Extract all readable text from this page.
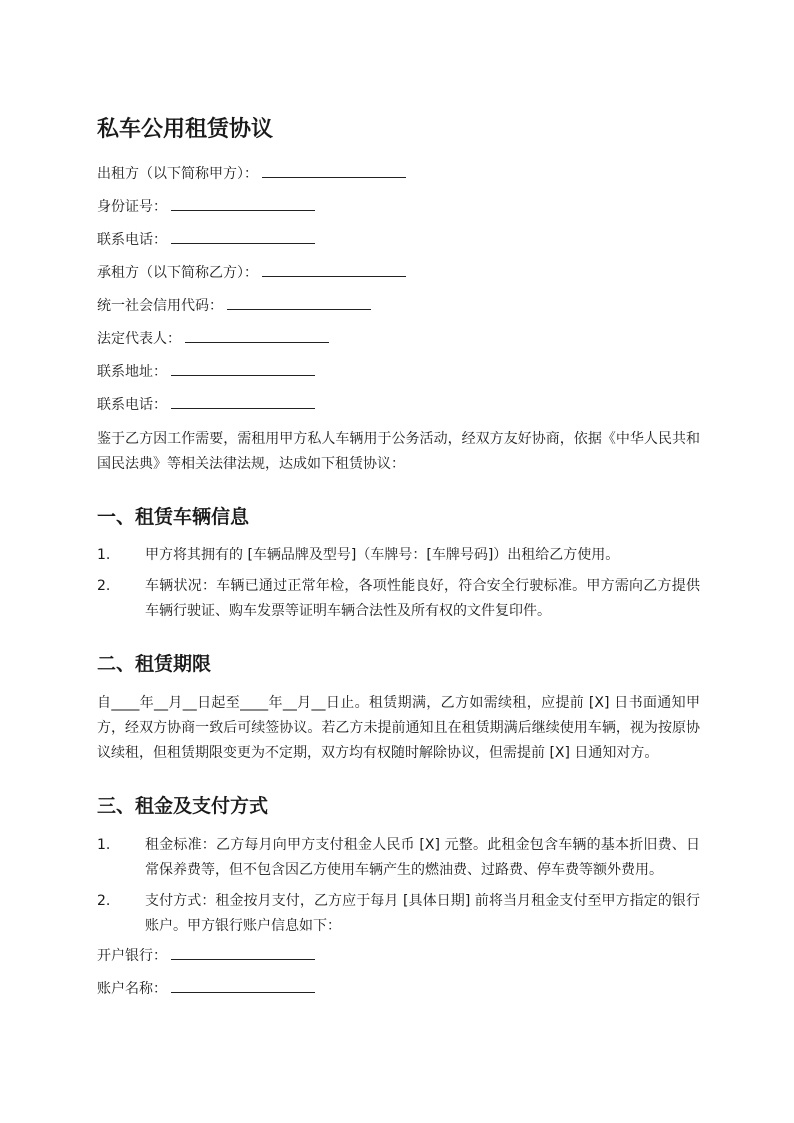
私车公用租赁协议
出租方（以下简称甲方）：
身份证号：
联系电话：
承租方（以下简称乙方）：
统一社会信用代码：
法定代表人：
联系地址：
联系电话：

鉴于乙方因工作需要，需租用甲方私人车辆用于公务活动，经双方友好协商，依据《中华人民共和国民法典》等相关法律法规，达成如下租赁协议：

一、租赁车辆信息
1.	甲方将其拥有的 [车辆品牌及型号]（车牌号：[车牌号码]）出租给乙方使用。
2.	车辆状况：车辆已通过正常年检，各项性能良好，符合安全行驶标准。甲方需向乙方提供车辆行驶证、购车发票等证明车辆合法性及所有权的文件复印件。
二、租赁期限

自____年__月__日起至____年__月__日止。租赁期满，乙方如需续租，应提前 [X] 日书面通知甲方，经双方协商一致后可续签协议。若乙方未提前通知且在租赁期满后继续使用车辆，视为按原协议续租，但租赁期限变更为不定期，双方均有权随时解除协议，但需提前 [X] 日通知对方。

三、租金及支付方式
1.	租金标准：乙方每月向甲方支付租金人民币 [X] 元整。此租金包含车辆的基本折旧费、日常保养费等，但不包含因乙方使用车辆产生的燃油费、过路费、停车费等额外费用。
2.	支付方式：租金按月支付，乙方应于每月 [具体日期] 前将当月租金支付至甲方指定的银行账户。甲方银行账户信息如下：
开户银行：
账户名称：
